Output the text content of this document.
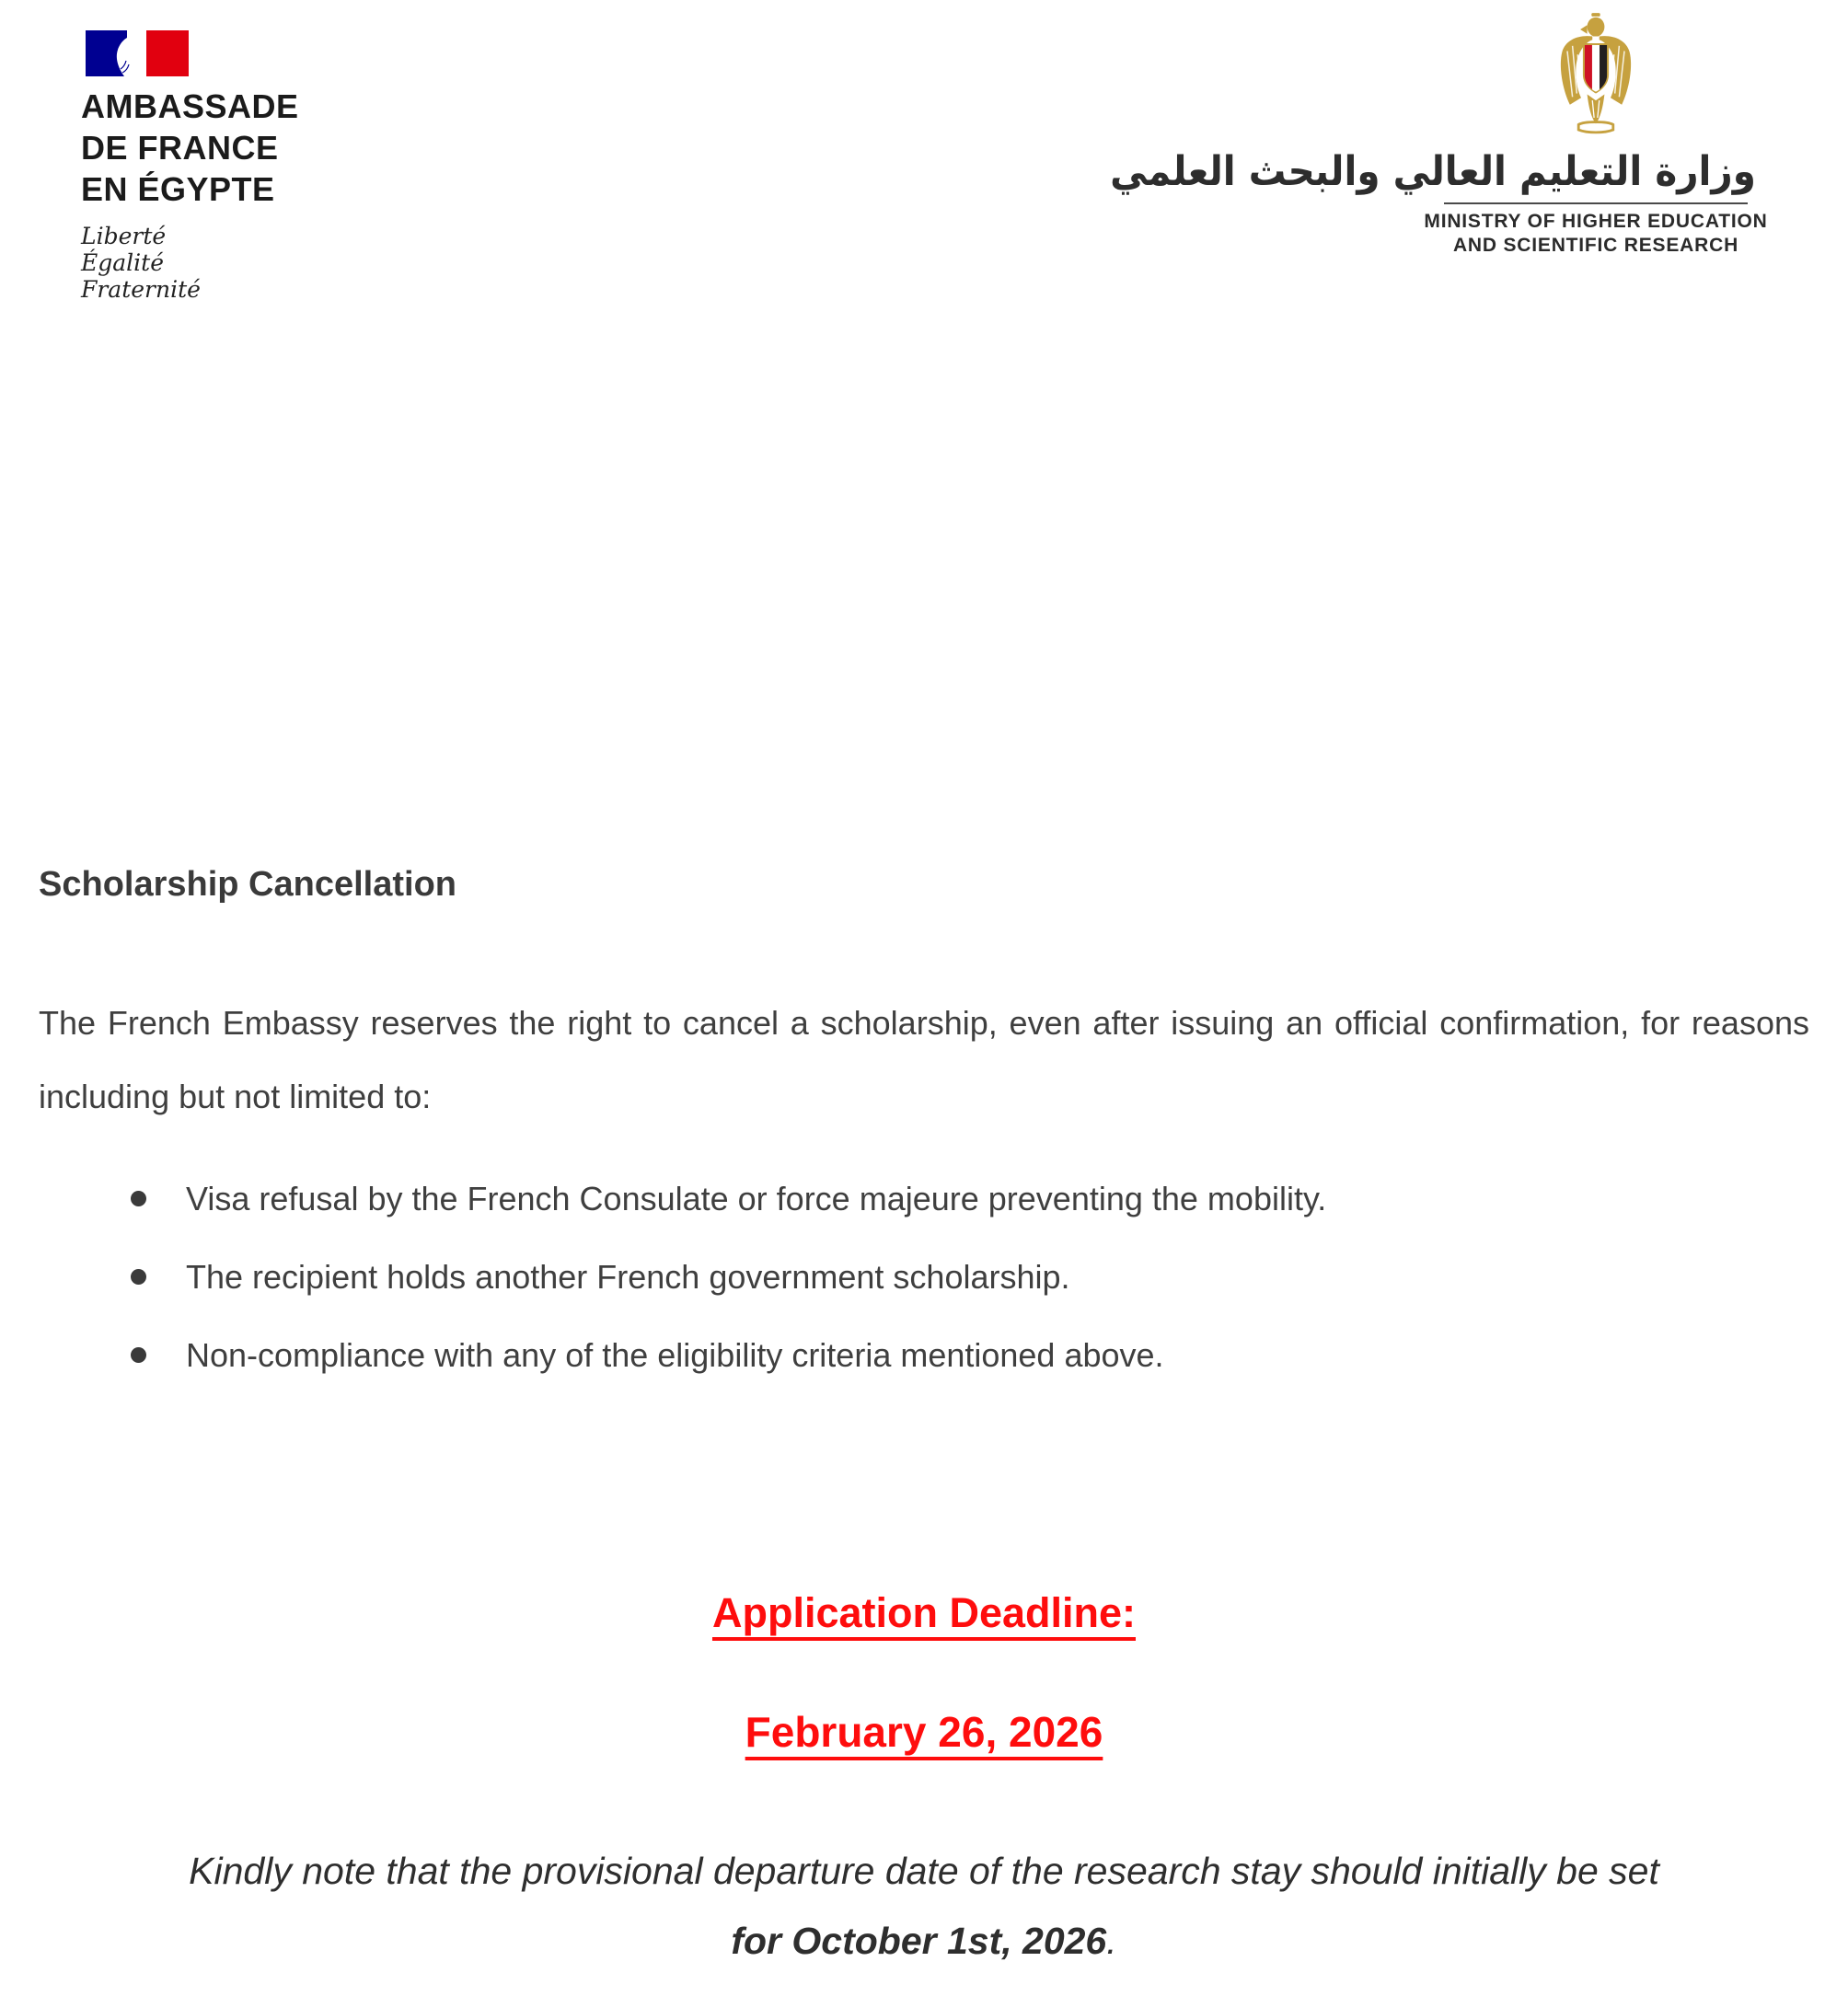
AMBASSADE
DE FRANCE
EN ÉGYPTE
Liberté
Égalité
Fraternité
وزارة التعليم العالي والبحث العلمي
MINISTRY OF HIGHER EDUCATION
AND SCIENTIFIC RESEARCH
Scholarship Cancellation

The French Embassy reserves the right to cancel a scholarship, even after issuing an official confirmation, for reasons including but not limited to:

Visa refusal by the French Consulate or force majeure preventing the mobility.
The recipient holds another French government scholarship.
Non-compliance with any of the eligibility criteria mentioned above.
Application Deadline:
February 26, 2026

Kindly note that the provisional departure date of the research stay should initially be set
for October 1st, 2026.
